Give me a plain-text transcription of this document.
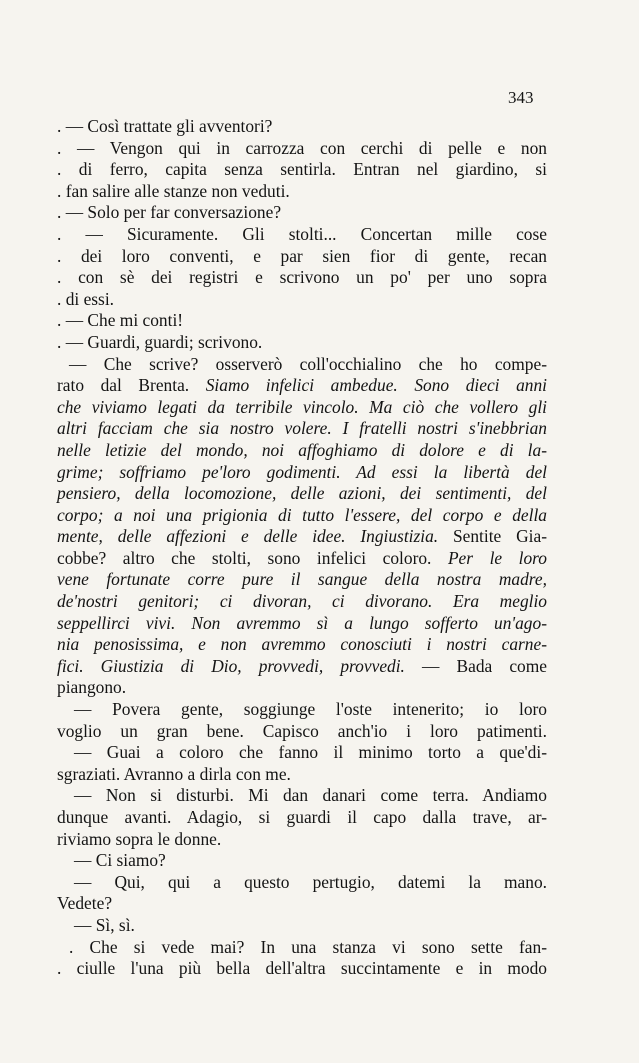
343
. — Così trattate gli avventori?
. — Vengon qui in carrozza con cerchi di pelle e non
. di ferro, capita senza sentirla. Entran nel giardino, si
. fan salire alle stanze non veduti.
. — Solo per far conversazione?
. — Sicuramente. Gli stolti... Concertan mille cose
. dei loro conventi, e par sien fior di gente, recan
. con sè dei registri e scrivono un po' per uno sopra
. di essi.
. — Che mi conti!
. — Guardi, guardi; scrivono.
— Che scrive? osserverò coll'occhialino che ho compe-
rato dal Brenta. Siamo infelici ambedue. Sono dieci anni
che viviamo legati da terribile vincolo. Ma ciò che vollero gli
altri facciam che sia nostro volere. I fratelli nostri s'inebbrian
nelle letizie del mondo, noi affoghiamo di dolore e di la-
grime; soffriamo pe'loro godimenti. Ad essi la libertà del
pensiero, della locomozione, delle azioni, dei sentimenti, del
corpo; a noi una prigionia di tutto l'essere, del corpo e della
mente, delle affezioni e delle idee. Ingiustizia. Sentite Gia-
cobbe? altro che stolti, sono infelici coloro. Per le loro
vene fortunate corre pure il sangue della nostra madre,
de'nostri genitori; ci divoran, ci divorano. Era meglio
seppellirci vivi. Non avremmo sì a lungo sofferto un'ago-
nia penosissima, e non avremmo conosciuti i nostri carne-
fici. Giustizia di Dio, provvedi, provvedi. — Bada come
piangono.
— Povera gente, soggiunge l'oste intenerito; io loro
voglio un gran bene. Capisco anch'io i loro patimenti.
— Guai a coloro che fanno il minimo torto a que'di-
sgraziati. Avranno a dirla con me.
— Non si disturbi. Mi dan danari come terra. Andiamo
dunque avanti. Adagio, si guardi il capo dalla trave, ar-
riviamo sopra le donne.
— Ci siamo?
— Qui, qui a questo pertugio, datemi la mano.
Vedete?
— Sì, sì.
. Che si vede mai? In una stanza vi sono sette fan-
. ciulle l'una più bella dell'altra succintamente e in modo
